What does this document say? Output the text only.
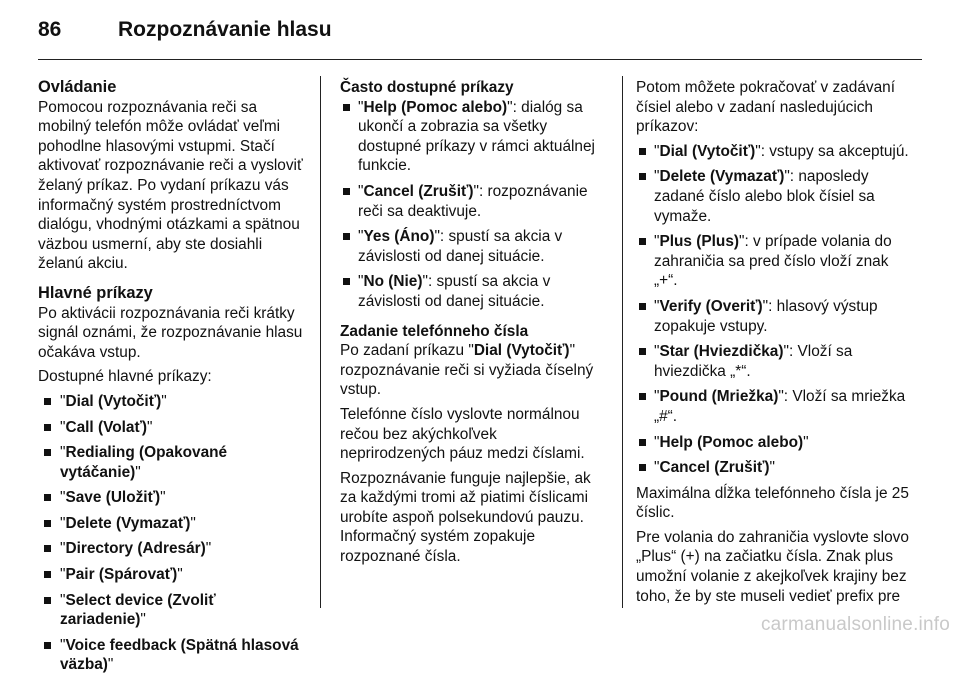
86	Rozpoznávanie hlasu
Ovládanie

Pomocou rozpoznávania reči sa mobilný telefón môže ovládať veľmi pohodlne hlasovými vstupmi. Stačí aktivovať rozpoznávanie reči a vysloviť želaný príkaz. Po vydaní príkazu vás informačný systém prostredníctvom dialógu, vhodnými otázkami a spätnou väzbou usmerní, aby ste dosiahli želanú akciu.

Hlavné príkazy

Po aktivácii rozpoznávania reči krátky signál oznámi, že rozpoznávanie hlasu očakáva vstup.

Dostupné hlavné príkazy:

"Dial (Vytočiť)"
"Call (Volať)"
"Redialing (Opakované vytáčanie)"
"Save (Uložiť)"
"Delete (Vymazať)"
"Directory (Adresár)"
"Pair (Spárovať)"
"Select device (Zvoliť zariadenie)"
"Voice feedback (Spätná hlasová väzba)"
Často dostupné príkazy
"Help (Pomoc alebo)": dialóg sa ukončí a zobrazia sa všetky dostupné príkazy v rámci aktuálnej funkcie.
"Cancel (Zrušiť)": rozpoznávanie reči sa deaktivuje.
"Yes (Áno)": spustí sa akcia v závislosti od danej situácie.
"No (Nie)": spustí sa akcia v závislosti od danej situácie.
Zadanie telefónneho čísla

Po zadaní príkazu "Dial (Vytočiť)" rozpoznávanie reči si vyžiada číselný vstup.

Telefónne číslo vyslovte normálnou rečou bez akýchkoľvek neprirodzených páuz medzi číslami.

Rozpoznávanie funguje najlepšie, ak za každými tromi až piatimi číslicami urobíte aspoň polsekundovú pauzu. Informačný systém zopakuje rozpoznané čísla.

Potom môžete pokračovať v zadávaní čísiel alebo v zadaní nasledujúcich príkazov:

"Dial (Vytočiť)": vstupy sa akceptujú.
"Delete (Vymazať)": naposledy zadané číslo alebo blok čísiel sa vymaže.
"Plus (Plus)": v prípade volania do zahraničia sa pred číslo vloží znak „+“.
"Verify (Overiť)": hlasový výstup zopakuje vstupy.
"Star (Hviezdička)": Vloží sa hviezdička „*“.
"Pound (Mriežka)": Vloží sa mriežka „#“.
"Help (Pomoc alebo)"
"Cancel (Zrušiť)"

Maximálna dĺžka telefónneho čísla je 25 číslic.

Pre volania do zahraničia vyslovte slovo „Plus“ (+) na začiatku čísla. Znak plus umožní volanie z akejkoľvek krajiny bez toho, že by ste museli vedieť prefix pre

carmanualsonline.info
